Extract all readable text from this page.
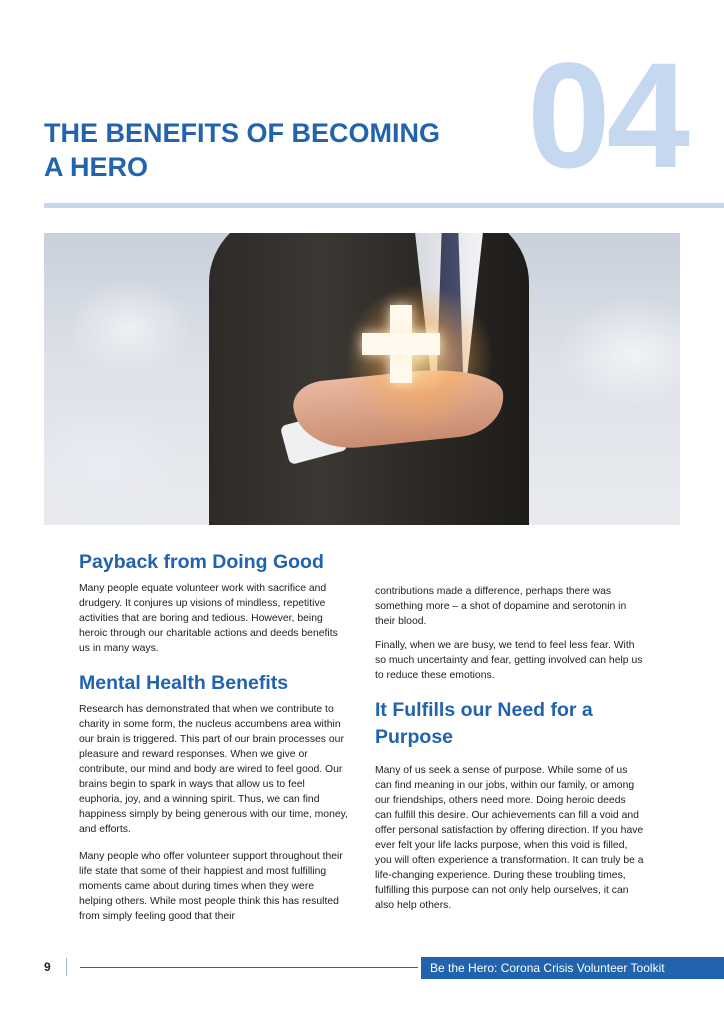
04
THE BENEFITS OF BECOMING A HERO
Payback from Doing Good

Many people equate volunteer work with sacrifice and drudgery. It conjures up visions of mindless, repetitive activities that are boring and tedious. However, being heroic through our charitable actions and deeds benefits us in many ways.

Mental Health Benefits

Research has demonstrated that when we contribute to charity in some form, the nucleus accumbens area within our brain is triggered. This part of our brain processes our pleasure and reward responses. When we give or contribute, our mind and body are wired to feel good. Our brains begin to spark in ways that allow us to feel euphoria, joy, and a winning spirit. Thus, we can find happiness simply by being generous with our time, money, and efforts.

Many people who offer volunteer support throughout their life state that some of their happiest and most fulfilling moments came about during times when they were helping others. While most people think this has resulted from simply feeling good that their

contributions made a difference, perhaps there was something more – a shot of dopamine and serotonin in their blood.

Finally, when we are busy, we tend to feel less fear. With so much uncertainty and fear, getting involved can help us to reduce these emotions.

It Fulfills our Need for a Purpose

Many of us seek a sense of purpose. While some of us can find meaning in our jobs, within our family, or among our friendships, others need more. Doing heroic deeds can fulfill this desire. Our achievements can fill a void and offer personal satisfaction by offering direction. If you have ever felt your life lacks purpose, when this void is filled, you will often experience a transformation. It can truly be a life-changing experience. During these troubling times, fulfilling this purpose can not only help ourselves, it can also help others.

9	Be the Hero: Corona Crisis Volunteer Toolkit
